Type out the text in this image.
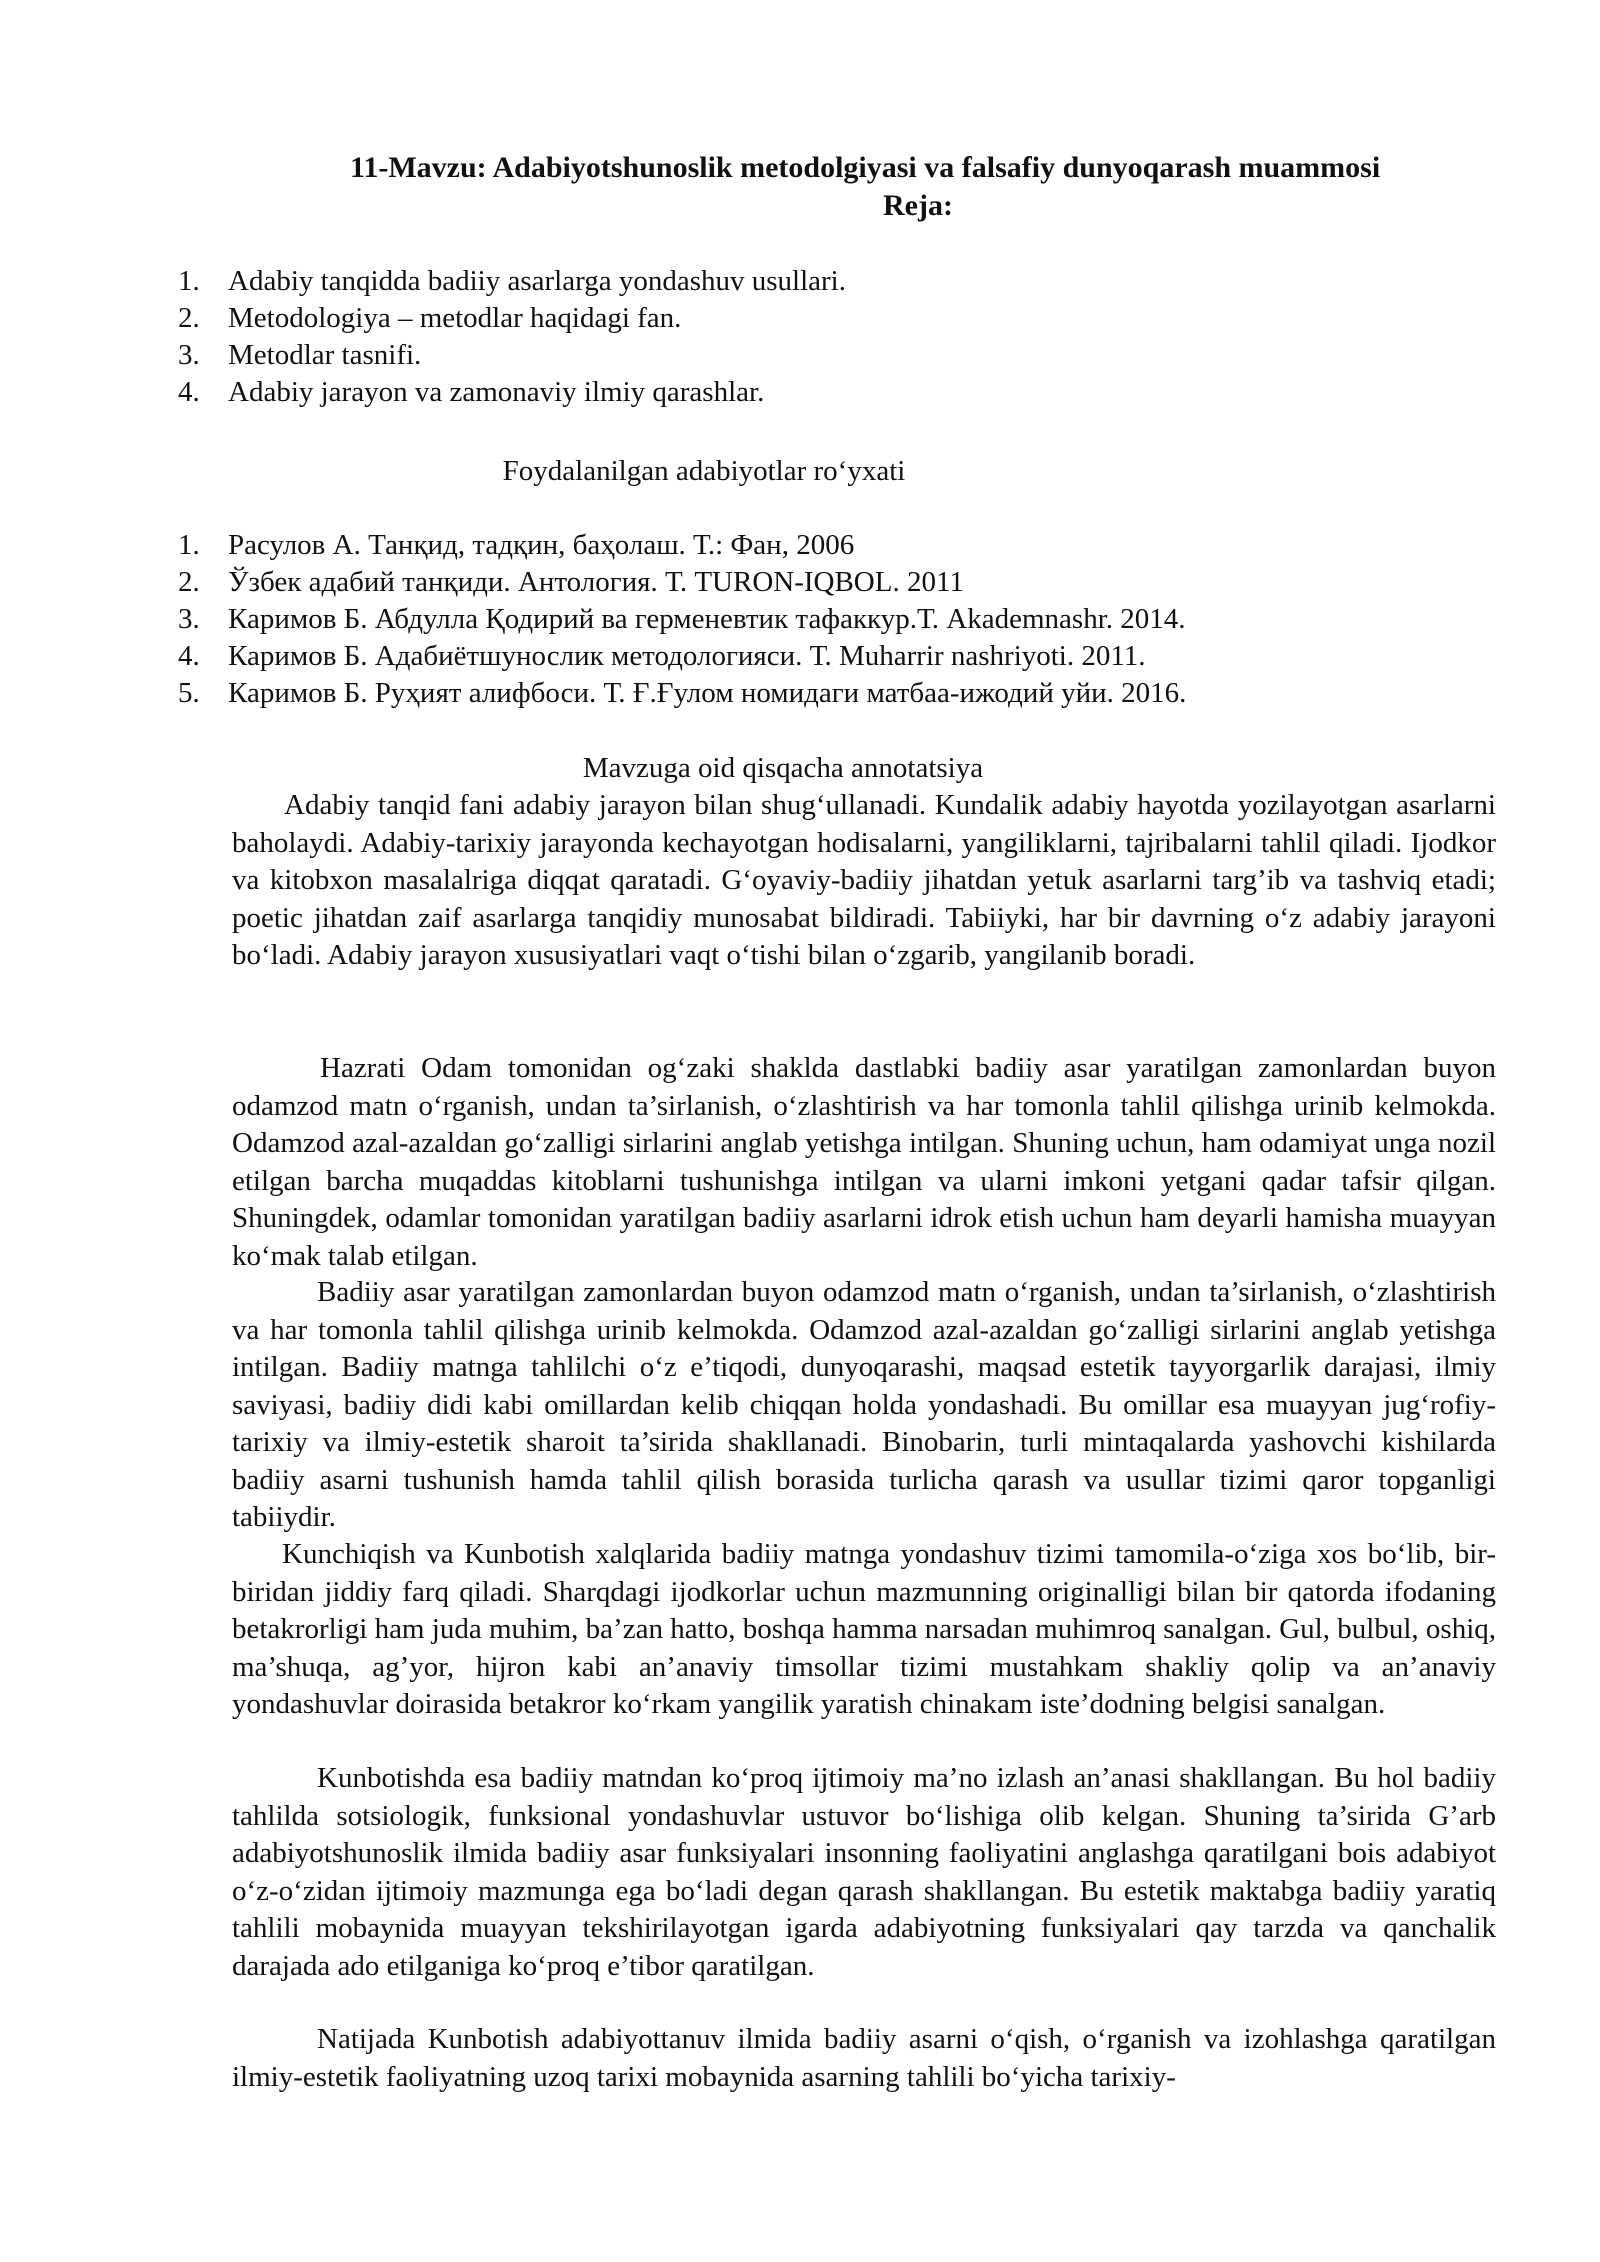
11-Mavzu: Adabiyotshunoslik metodolgiyasi va falsafiy dunyoqarash muammosi
Reja:
1. Adabiy tanqidda badiiy asarlarga yondashuv usullari.
2. Metodologiya – metodlar haqidagi fan.
3. Metodlar tasnifi.
4. Adabiy jarayon va zamonaviy ilmiy qarashlar.
Foydalanilgan adabiyotlar ro‘yxati
1. Расулов А. Танқид, тадқин, баҳолаш. Т.: Фан, 2006
2. Ўзбек адабий танқиди. Антология. Т. TURON-IQBOL. 2011
3. Каримов Б. Абдулла Қодирий ва герменевтик тафаккур.Т. Akademnashr. 2014.
4. Каримов Б. Адабиётшунослик методологияси. Т. Muharrir nashriyoti. 2011.
5. Каримов Б. Руҳият алифбоси. Т. Ғ.Ғулом номидаги матбаа-ижодий уйи. 2016.
Mavzuga oid qisqacha annotatsiya

Adabiy tanqid fani adabiy jarayon bilan shug‘ullanadi. Kundalik adabiy hayotda yozilayotgan asarlarni baholaydi. Adabiy-tarixiy jarayonda kechayotgan hodisalarni, yangiliklarni, tajribalarni tahlil qiladi. Ijodkor va kitobxon masalalriga diqqat qaratadi. G‘oyaviy-badiiy jihatdan yetuk asarlarni targ’ib va tashviq etadi; poetic jihatdan zaif asarlarga tanqidiy munosabat bildiradi. Tabiiyki, har bir davrning o‘z adabiy jarayoni bo‘ladi. Adabiy jarayon xususiyatlari vaqt o‘tishi bilan o‘zgarib, yangilanib boradi.

Hazrati Odam tomonidan og‘zaki shaklda dastlabki badiiy asar yaratilgan zamonlardan buyon odamzod matn o‘rganish, undan ta’sirlanish, o‘zlashtirish va har tomonla tahlil qilishga urinib kelmokda. Odamzod azal-azaldan go‘zalligi sirlarini anglab yetishga intilgan. Shuning uchun, ham odamiyat unga nozil etilgan barcha muqaddas kitoblarni tushunishga intilgan va ularni imkoni yetgani qadar tafsir qilgan. Shuningdek, odamlar tomonidan yaratilgan badiiy asarlarni idrok etish uchun ham deyarli hamisha muayyan ko‘mak talab etilgan.

Badiiy asar yaratilgan zamonlardan buyon odamzod matn o‘rganish, undan ta’sirlanish, o‘zlashtirish va har tomonla tahlil qilishga urinib kelmokda. Odamzod azal-azaldan go‘zalligi sirlarini anglab yetishga intilgan. Badiiy matnga tahlilchi o‘z e’tiqodi, dunyoqarashi, maqsad estetik tayyorgarlik darajasi, ilmiy saviyasi, badiiy didi kabi omillardan kelib chiqqan holda yondashadi. Bu omillar esa muayyan jug‘rofiy-tarixiy va ilmiy-estetik sharoit ta’sirida shakllanadi. Binobarin, turli mintaqalarda yashovchi kishilarda badiiy asarni tushunish hamda tahlil qilish borasida turlicha qarash va usullar tizimi qaror topganligi tabiiydir.

Kunchiqish va Kunbotish xalqlarida badiiy matnga yondashuv tizimi tamomila-o‘ziga xos bo‘lib, bir-biridan jiddiy farq qiladi. Sharqdagi ijodkorlar uchun mazmunning originalligi bilan bir qatorda ifodaning betakrorligi ham juda muhim, ba’zan hatto, boshqa hamma narsadan muhimroq sanalgan. Gul, bulbul, oshiq, ma’shuqa, ag’yor, hijron kabi an’anaviy timsollar tizimi mustahkam shakliy qolip va an’anaviy yondashuvlar doirasida betakror ko‘rkam yangilik yaratish chinakam iste’dodning belgisi sanalgan.

Kunbotishda esa badiiy matndan ko‘proq ijtimoiy ma’no izlash an’anasi shakllangan. Bu hol badiiy tahlilda sotsiologik, funksional yondashuvlar ustuvor bo‘lishiga olib kelgan. Shuning ta’sirida G’arb adabiyotshunoslik ilmida badiiy asar funksiyalari insonning faoliyatini anglashga qaratilgani bois adabiyot o‘z-o‘zidan ijtimoiy mazmunga ega bo‘ladi degan qarash shakllangan. Bu estetik maktabga badiiy yaratiq tahlili mobaynida muayyan tekshirilayotgan igarda adabiyotning funksiyalari qay tarzda va qanchalik darajada ado etilganiga ko‘proq e’tibor qaratilgan.

Natijada Kunbotish adabiyottanuv ilmida badiiy asarni o‘qish, o‘rganish va izohlashga qaratilgan ilmiy-estetik faoliyatning uzoq tarixi mobaynida asarning tahlili bo‘yicha tarixiy-
